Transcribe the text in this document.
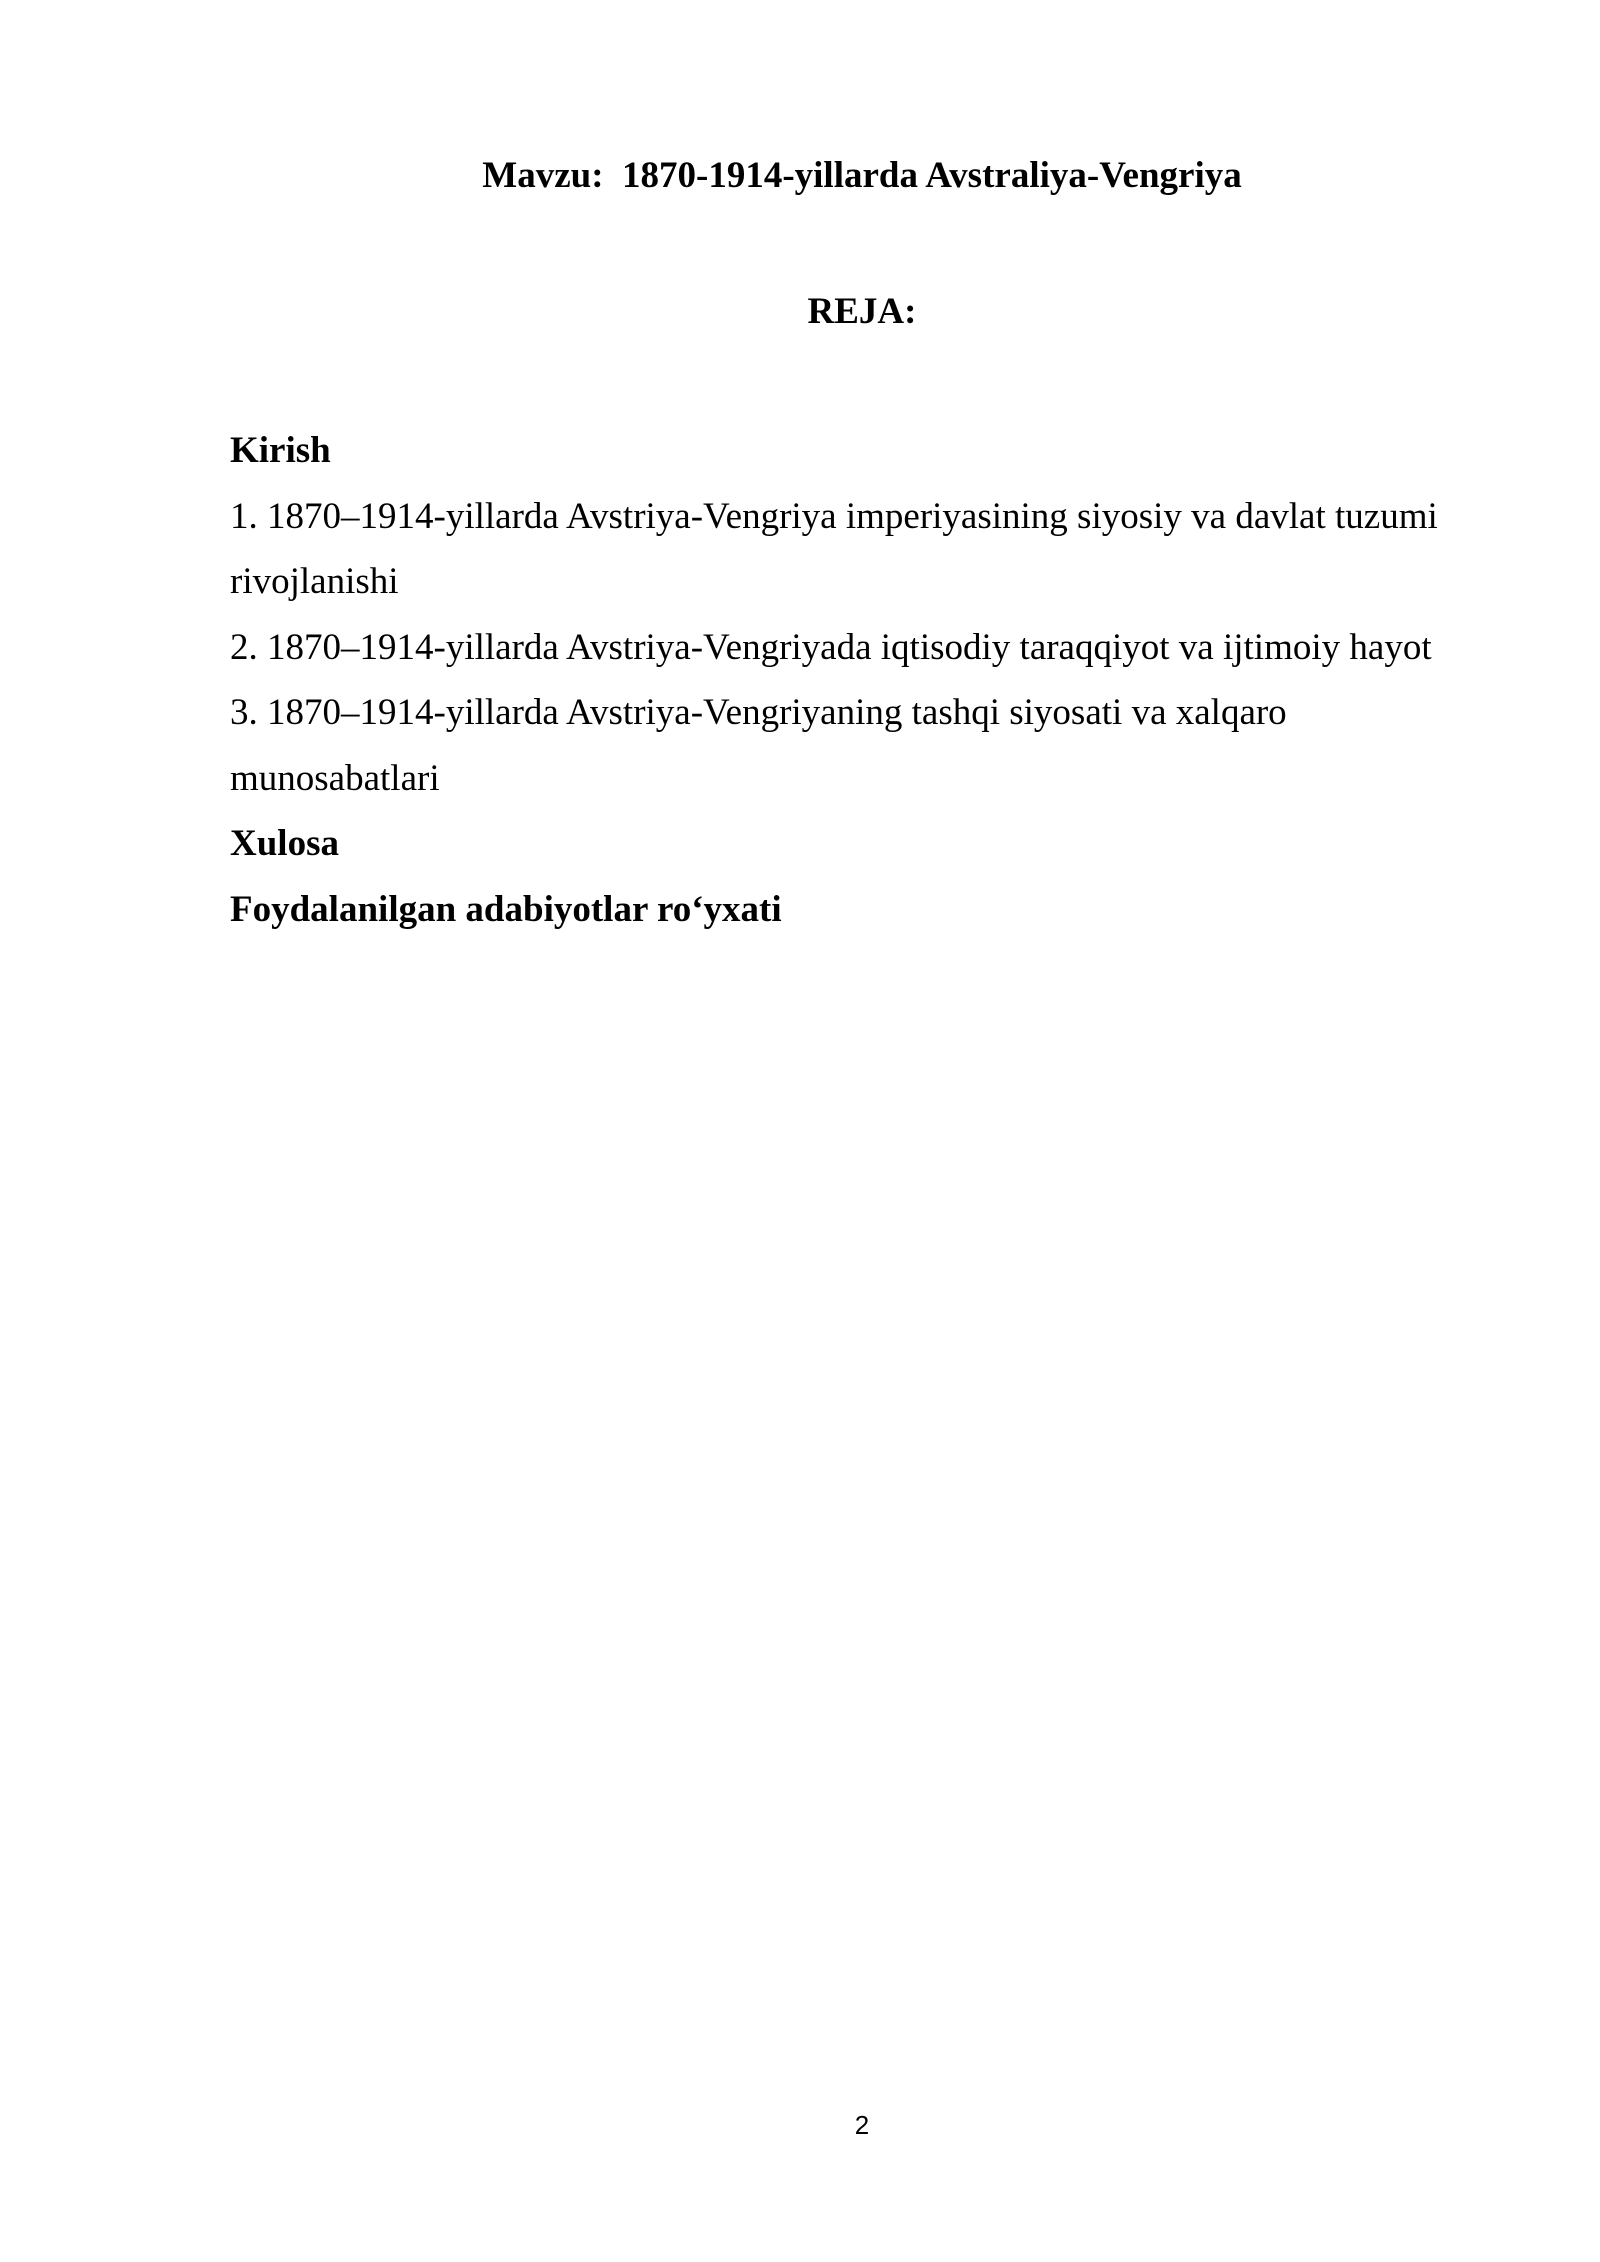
Mavzu:  1870-1914-yillarda Avstraliya-Vengriya
REJA:
Kirish
1. 1870–1914-yillarda Avstriya-Vengriya imperiyasining siyosiy va davlat tuzumi
rivojlanishi
2. 1870–1914-yillarda Avstriya-Vengriyada iqtisodiy taraqqiyot va ijtimoiy hayot
3. 1870–1914-yillarda Avstriya-Vengriyaning tashqi siyosati va xalqaro
munosabatlari
Xulosa
Foydalanilgan adabiyotlar ro‘yxati
2
